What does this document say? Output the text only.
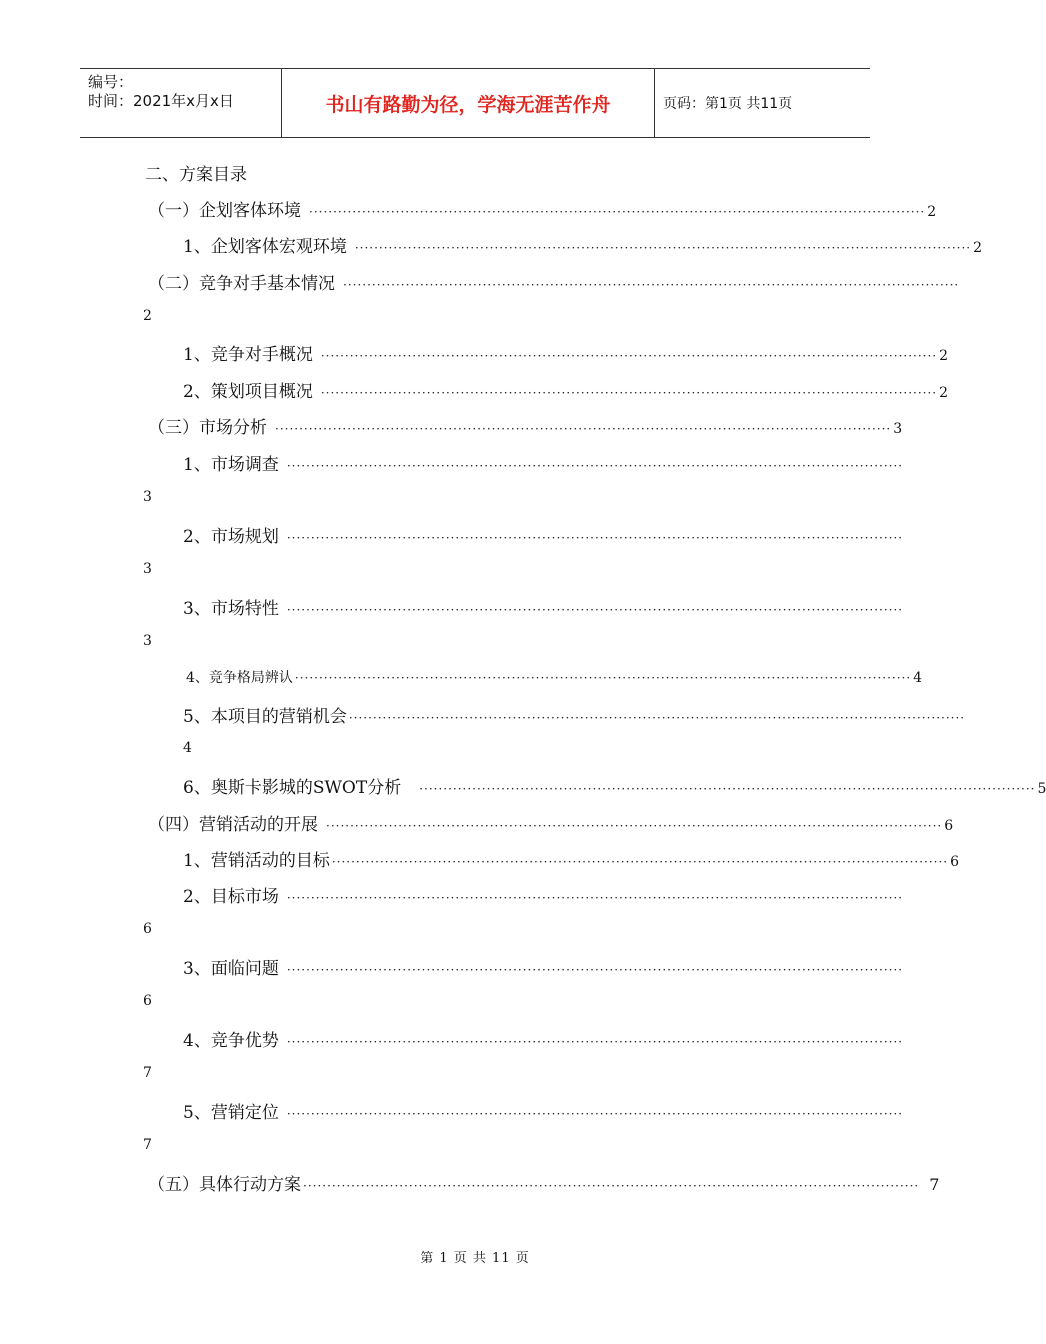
编号：
时间：2021年x月x日	书山有路勤为径，学海无涯苦作舟	页码：第1页 共11页
二、方案目录
（一）企划客体环境 ································································································································ 2
1、企划客体宏观环境 ································································································································ 2
（二）竞争对手基本情况 ································································································································
2
1、竞争对手概况 ································································································································ 2
2、策划项目概况 ································································································································ 2
（三）市场分析 ································································································································ 3
1、市场调查 ································································································································
3
2、市场规划 ································································································································
3
3、市场特性 ································································································································
3
4、竞争格局辨认 ································································································································ 4
5、本项目的营销机会 ································································································································
4
6、奥斯卡影城的SWOT分析 ································································································································ 5
（四）营销活动的开展 ································································································································ 6
1、营销活动的目标 ································································································································ 6
2、目标市场 ································································································································
6
3、面临问题 ································································································································
6
4、竞争优势 ································································································································
7
5、营销定位 ································································································································
7
（五）具体行动方案 ································································································································ 7
第 1 页 共 11 页
